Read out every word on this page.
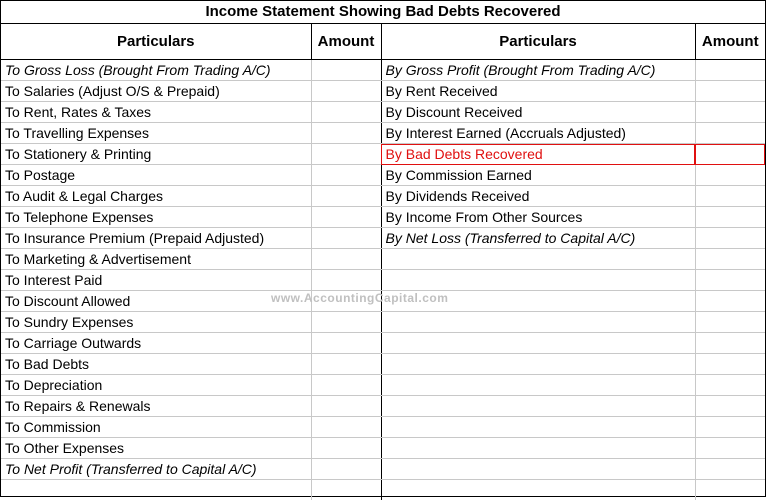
Income Statement Showing Bad Debts Recovered
Particulars	Amount	Particulars	Amount
To Gross Loss (Brought From Trading A/C)		By Gross Profit (Brought From Trading A/C)	
To Salaries (Adjust O/S & Prepaid)		By Rent Received	
To Rent, Rates & Taxes		By Discount Received	
To Travelling Expenses		By Interest Earned (Accruals Adjusted)	
To Stationery & Printing		By Bad Debts Recovered	
To Postage		By Commission Earned	
To Audit & Legal Charges		By Dividends Received	
To Telephone Expenses		By Income From Other Sources	
To Insurance Premium (Prepaid Adjusted)		By Net Loss (Transferred to Capital A/C)	
To Marketing & Advertisement			
To Interest Paid			
To Discount Allowed			
To Sundry Expenses			
To Carriage Outwards			
To Bad Debts			
To Depreciation			
To Repairs & Renewals			
To Commission			
To Other Expenses			
To Net Profit (Transferred to Capital A/C)			

www.AccountingCapital.com
